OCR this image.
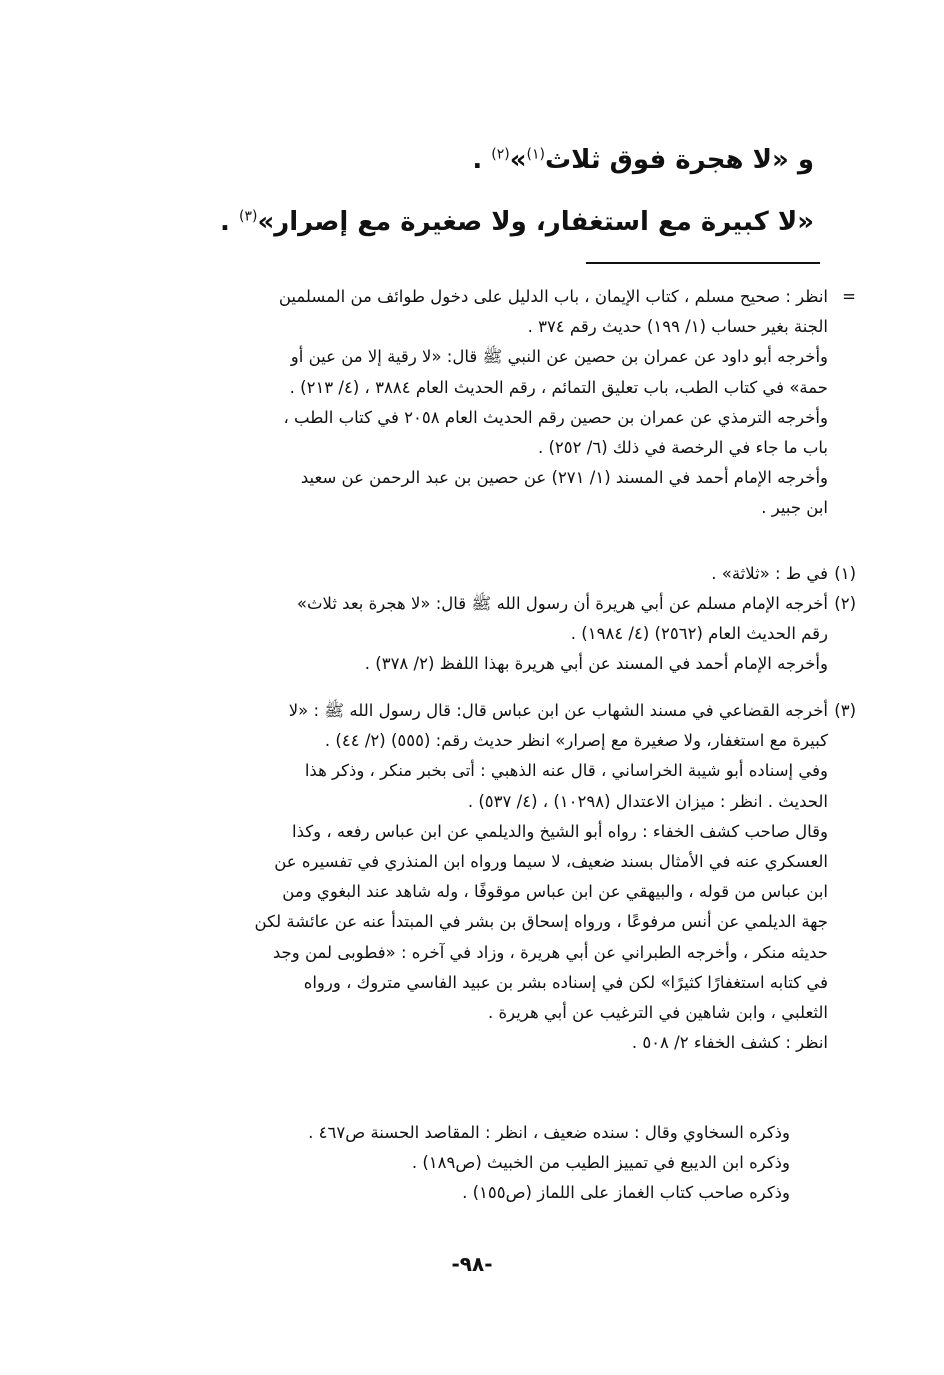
و «لا هجرة فوق ثلاث$^{(١)}$»$^{(٢)}$ .
«لا كبيرة مع استغفار، ولا صغيرة مع إصرار»$^{(٣)}$ .
=
(١)
(٢)
(٣)
انظر : صحيح مسلم ، كتاب الإيمان ، باب الدليل على دخول طوائف من المسلمين
الجنة بغير حساب (١/ ١٩٩) حديث رقم ٣٧٤ .
وأخرجه أبو داود عن عمران بن حصين عن النبي ﷺ قال: «لا رقية إلا من عين أو
حمة» في كتاب الطب، باب تعليق التمائم ، رقم الحديث العام ٣٨٨٤ ، (٤/ ٢١٣) .
وأخرجه الترمذي عن عمران بن حصين رقم الحديث العام ٢٠٥٨ في كتاب الطب ،
باب ما جاء في الرخصة في ذلك (٦/ ٢٥٢) .
وأخرجه الإمام أحمد في المسند (١/ ٢٧١) عن حصين بن عبد الرحمن عن سعيد
ابن جبير .
في ط : «ثلاثة» .
أخرجه الإمام مسلم عن أبي هريرة أن رسول الله ﷺ قال: «لا هجرة بعد ثلاث»
رقم الحديث العام (٢٥٦٢) (٤/ ١٩٨٤) .
وأخرجه الإمام أحمد في المسند عن أبي هريرة بهذا اللفظ (٢/ ٣٧٨) .
أخرجه القضاعي في مسند الشهاب عن ابن عباس قال: قال رسول الله ﷺ : «لا
كبيرة مع استغفار، ولا صغيرة مع إصرار» انظر حديث رقم: (٥٥٥) (٢/ ٤٤) .
وفي إسناده أبو شيبة الخراساني ، قال عنه الذهبي : أتى بخبر منكر ، وذكر هذا
الحديث . انظر : ميزان الاعتدال (١٠٢٩٨) ، (٤/ ٥٣٧) .
وقال صاحب كشف الخفاء : رواه أبو الشيخ والديلمي عن ابن عباس رفعه ، وكذا
العسكري عنه في الأمثال بسند ضعيف، لا سيما ورواه ابن المنذري في تفسيره عن
ابن عباس من قوله ، والبيهقي عن ابن عباس موقوفًا ، وله شاهد عند البغوي ومن
جهة الديلمي عن أنس مرفوعًا ، ورواه إسحاق بن بشر في المبتدأ عنه عن عائشة لكن
حديثه منكر ، وأخرجه الطبراني عن أبي هريرة ، وزاد في آخره : «فطوبى لمن وجد
في كتابه استغفارًا كثيرًا» لكن في إسناده بشر بن عبيد الفاسي متروك ، ورواه
الثعلبي ، وابن شاهين في الترغيب عن أبي هريرة .
انظر : كشف الخفاء ٢/ ٥٠٨ .
وذكره السخاوي وقال : سنده ضعيف ، انظر : المقاصد الحسنة ص٤٦٧ .
وذكره ابن الديبع في تمييز الطيب من الخبيث (ص١٨٩) .
وذكره صاحب كتاب الغماز على اللماز (ص١٥٥) .
-٩٨-
